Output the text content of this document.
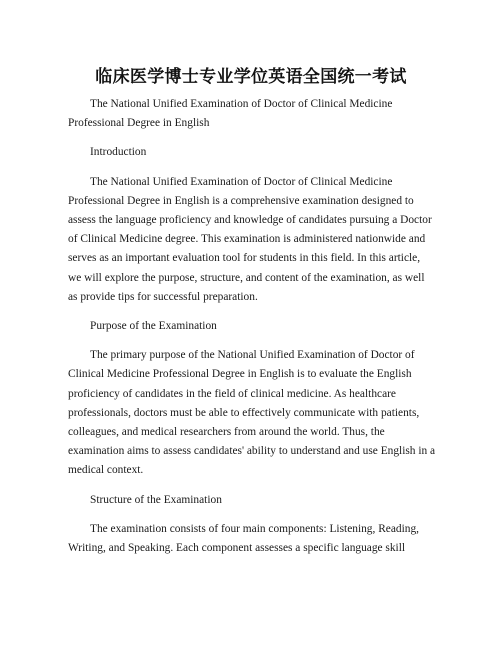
临床医学博士专业学位英语全国统一考试

The National Unified Examination of Doctor of Clinical Medicine Professional Degree in English

Introduction

The National Unified Examination of Doctor of Clinical Medicine Professional Degree in English is a comprehensive examination designed to assess the language proficiency and knowledge of candidates pursuing a Doctor of Clinical Medicine degree. This examination is administered nationwide and serves as an important evaluation tool for students in this field. In this article, we will explore the purpose, structure, and content of the examination, as well as provide tips for successful preparation.

Purpose of the Examination

The primary purpose of the National Unified Examination of Doctor of Clinical Medicine Professional Degree in English is to evaluate the English proficiency of candidates in the field of clinical medicine. As healthcare professionals, doctors must be able to effectively communicate with patients, colleagues, and medical researchers from around the world. Thus, the examination aims to assess candidates' ability to understand and use English in a medical context.

Structure of the Examination

The examination consists of four main components: Listening, Reading, Writing, and Speaking. Each component assesses a specific language skill
